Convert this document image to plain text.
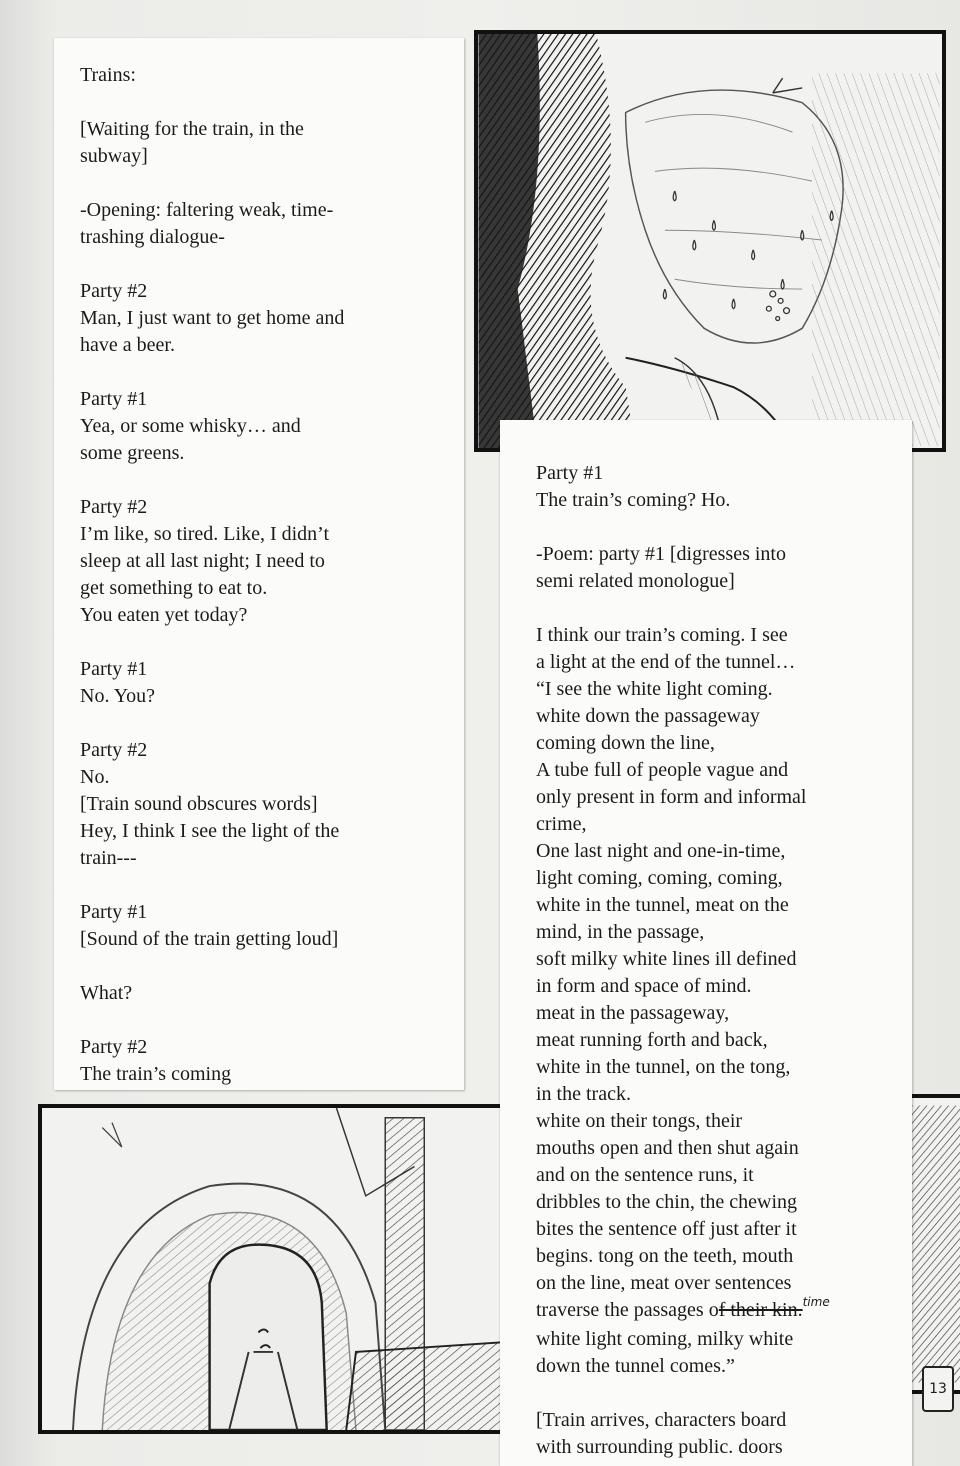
Trains:
[Waiting for the train, in the
subway]
-Opening: faltering weak, time-
trashing dialogue-
Party #2
Man, I just want to get home and
have a beer.
Party #1
Yea, or some whisky… and
some greens.
Party #2
I’m like, so tired. Like, I didn’t
sleep at all last night; I need to
get something to eat to.
You eaten yet today?
Party #1
No. You?
Party #2
No.
[Train sound obscures words]
Hey, I think I see the light of the
train---
Party #1
[Sound of the train getting loud]
What?
Party #2
The train’s coming
Party #1
The train’s coming? Ho.
-Poem: party #1 [digresses into
semi related monologue]
I think our train’s coming. I see
a light at the end of the tunnel…
“I see the white light coming.
white down the passageway
coming down the line,
A tube full of people vague and
only present in form and informal
crime,
One last night and one-in-time,
light coming, coming, coming,
white in the tunnel, meat on the
mind, in the passage,
soft milky white lines ill defined
in form and space of mind.
meat in the passageway,
meat running forth and back,
white in the tunnel, on the tong,
in the track.
white on their tongs, their
mouths open and then shut again
and on the sentence runs, it
dribbles to the chin, the chewing
bites the sentence off just after it
begins. tong on the teeth, mouth
on the line, meat over sentences
traverse the passages of their kin.$^{time}$
white light coming, milky white
down the tunnel comes.”
[Train arrives, characters board
with surrounding public. doors
13
